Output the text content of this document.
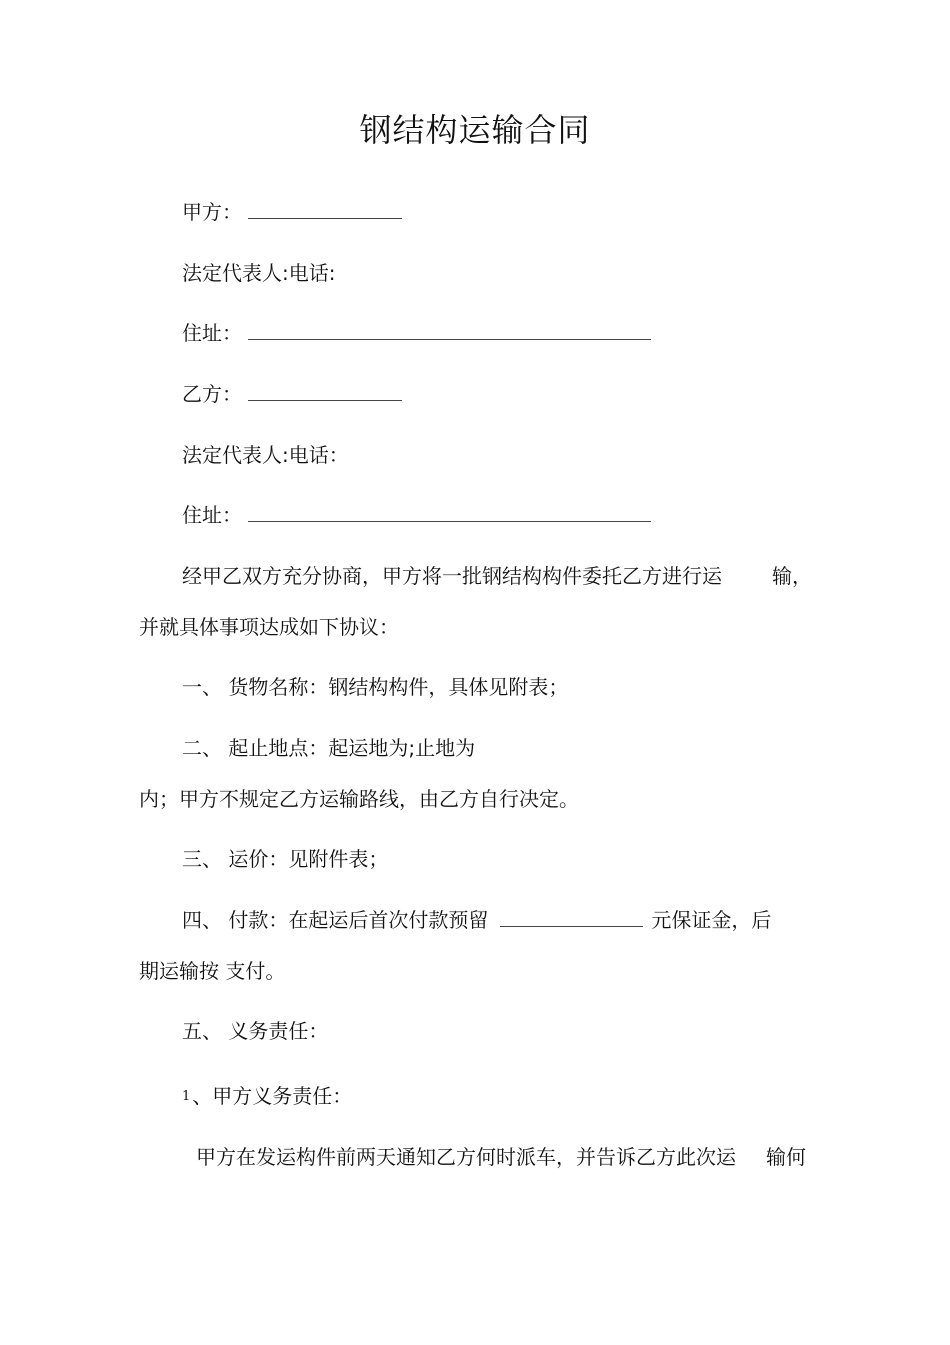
钢结构运输合同
甲方：
法定代表人:电话:
住址：
乙方：
法定代表人:电话：
住址：
经甲乙双方充分协商，甲方将一批钢结构构件委托乙方进行运	输，
并就具体事项达成如下协议：
一、 货物名称：钢结构构件，具体见附表；
二、 起止地点：起运地为;止地为
内；甲方不规定乙方运输路线，由乙方自行决定。
三、 运价：见附件表；
四、 付款：在起运后首次付款预留	元保证金，后
期运输按 支付。
五、 义务责任：
1 、甲方义务责任：
甲方在发运构件前两天通知乙方何时派车，并告诉乙方此次运 输何
